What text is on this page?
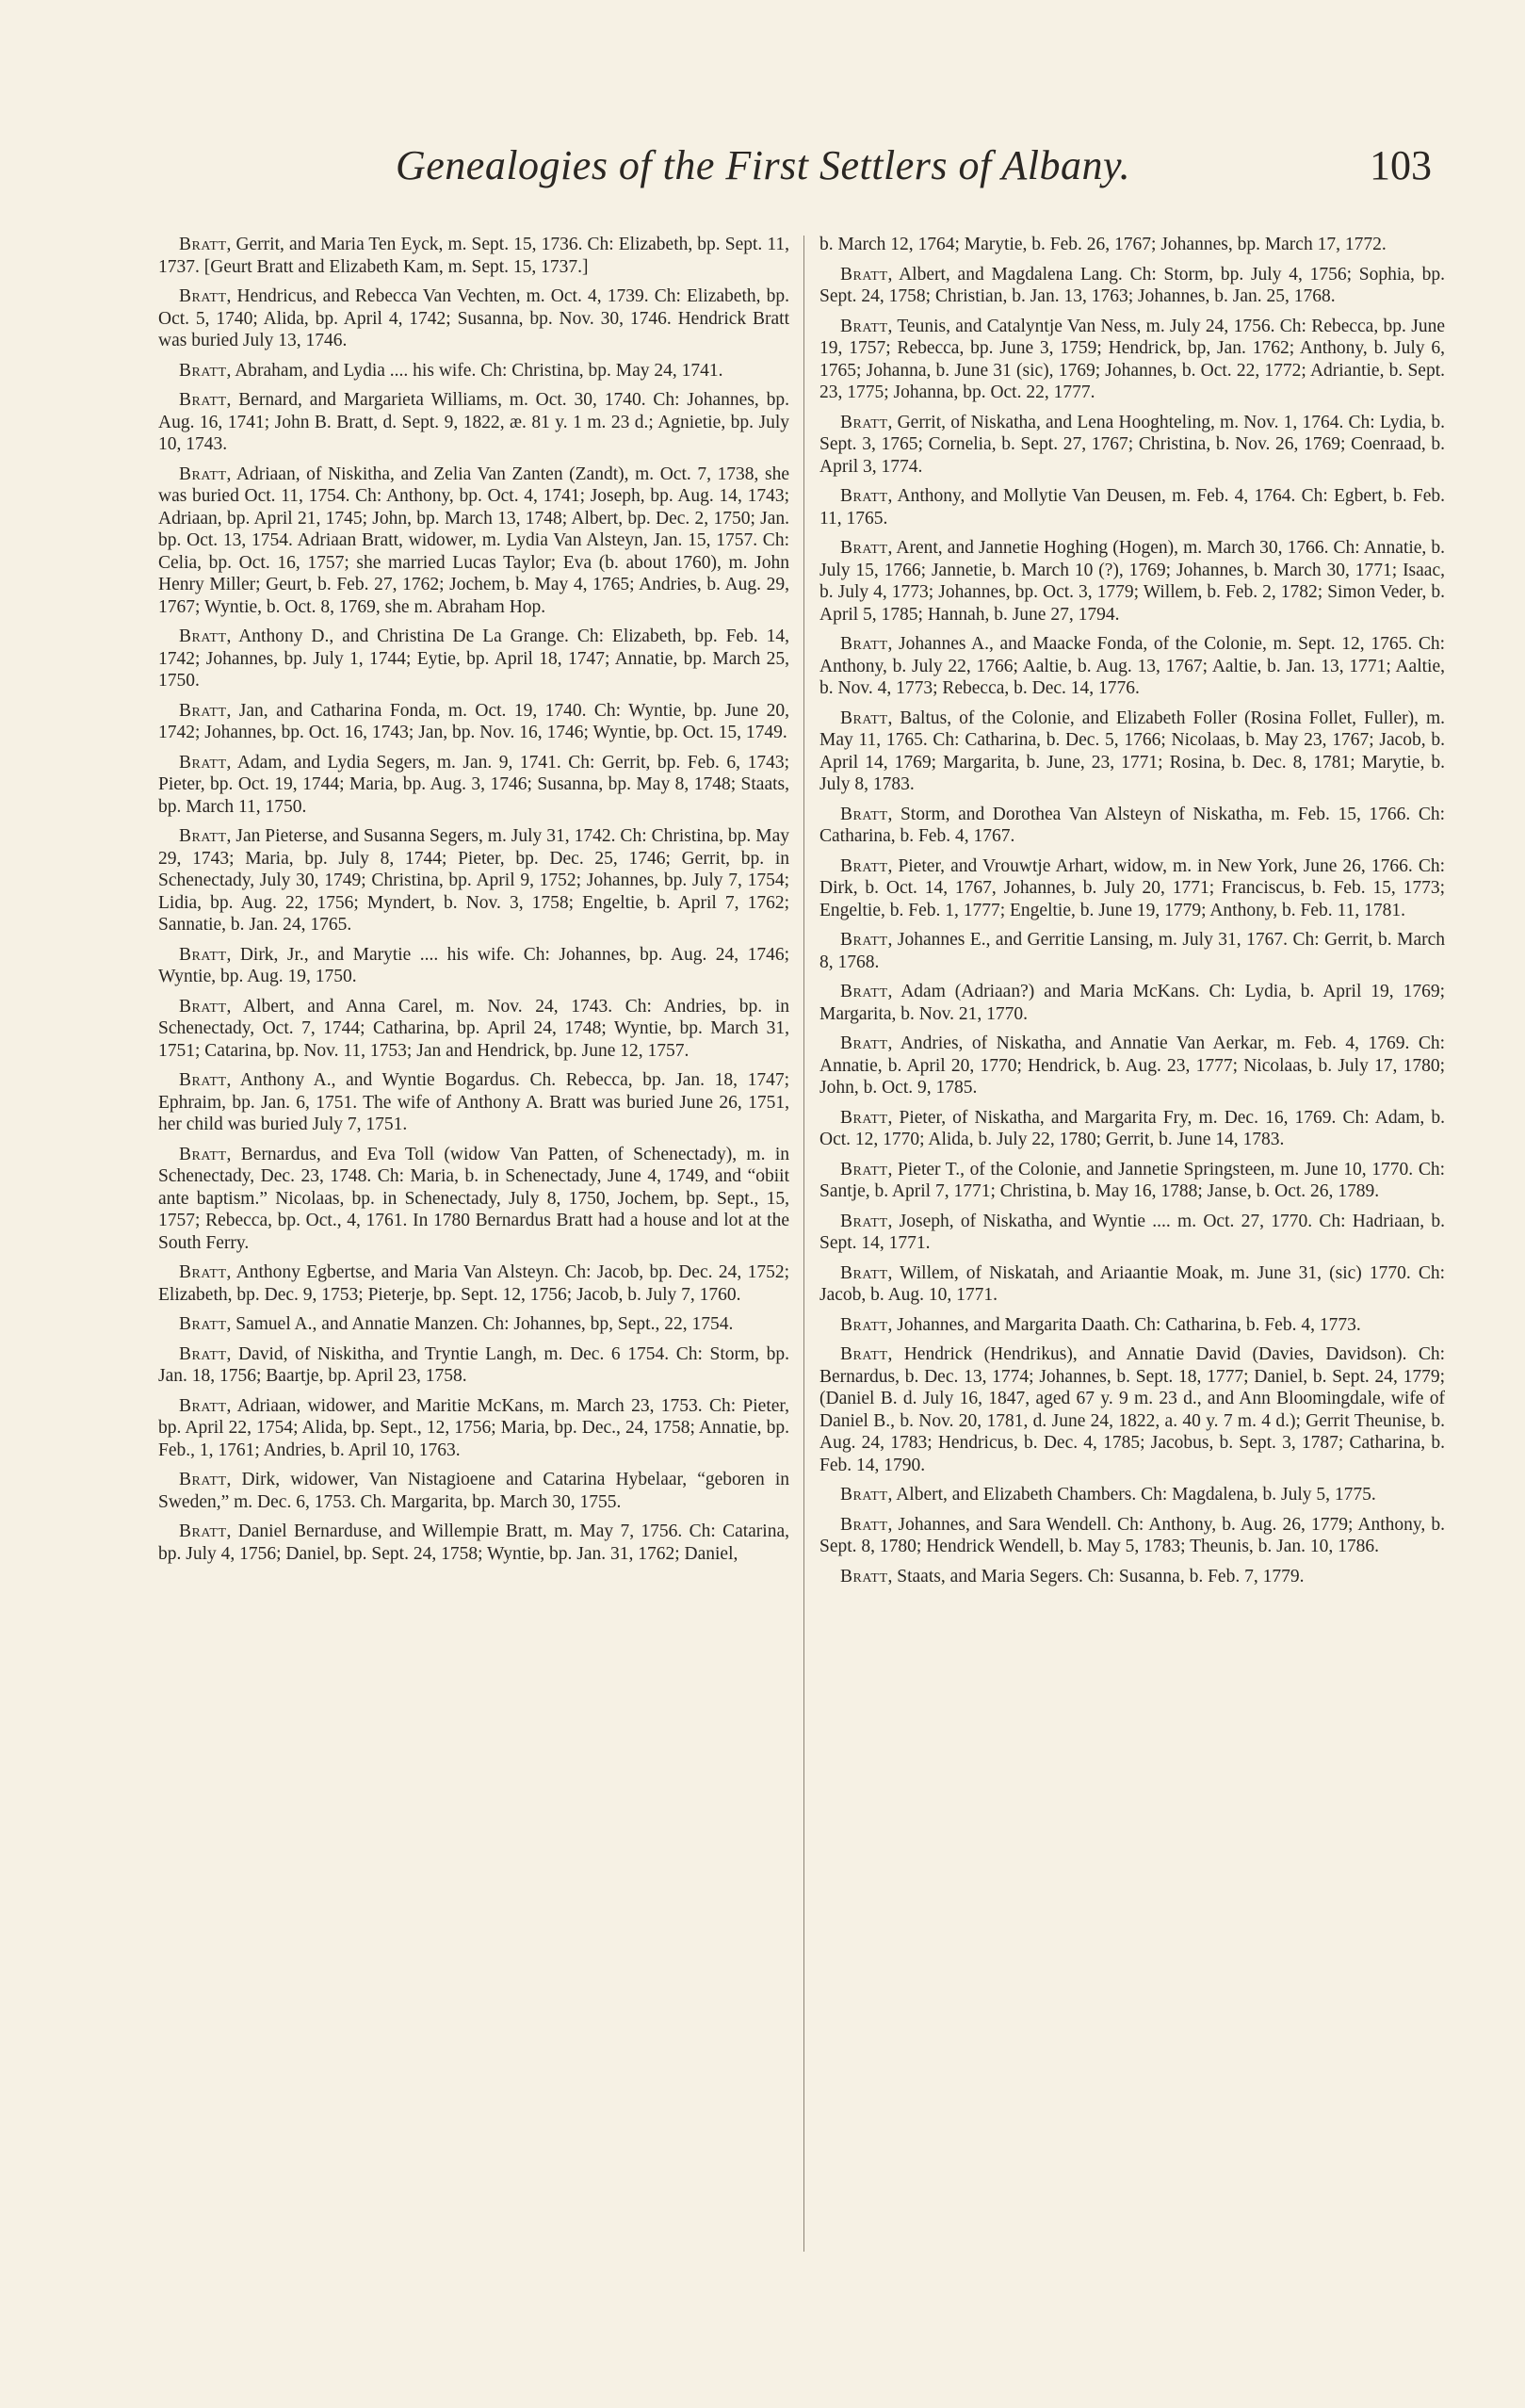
Genealogies of the First Settlers of Albany.	103

Bratt, Gerrit, and Maria Ten Eyck, m. Sept. 15, 1736. Ch: Elizabeth, bp. Sept. 11, 1737. [Geurt Bratt and Elizabeth Kam, m. Sept. 15, 1737.]

Bratt, Hendricus, and Rebecca Van Vechten, m. Oct. 4, 1739. Ch: Elizabeth, bp. Oct. 5, 1740; Alida, bp. April 4, 1742; Susanna, bp. Nov. 30, 1746. Hendrick Bratt was buried July 13, 1746.

Bratt, Abraham, and Lydia .... his wife. Ch: Christina, bp. May 24, 1741.

Bratt, Bernard, and Margarieta Williams, m. Oct. 30, 1740. Ch: Johannes, bp. Aug. 16, 1741; John B. Bratt, d. Sept. 9, 1822, æ. 81 y. 1 m. 23 d.; Agnietie, bp. July 10, 1743.

Bratt, Adriaan, of Niskitha, and Zelia Van Zanten (Zandt), m. Oct. 7, 1738, she was buried Oct. 11, 1754. Ch: Anthony, bp. Oct. 4, 1741; Joseph, bp. Aug. 14, 1743; Adriaan, bp. April 21, 1745; John, bp. March 13, 1748; Albert, bp. Dec. 2, 1750; Jan. bp. Oct. 13, 1754. Adriaan Bratt, widower, m. Lydia Van Alsteyn, Jan. 15, 1757. Ch: Celia, bp. Oct. 16, 1757; she married Lucas Taylor; Eva (b. about 1760), m. John Henry Miller; Geurt, b. Feb. 27, 1762; Jochem, b. May 4, 1765; Andries, b. Aug. 29, 1767; Wyntie, b. Oct. 8, 1769, she m. Abraham Hop.

Bratt, Anthony D., and Christina De La Grange. Ch: Elizabeth, bp. Feb. 14, 1742; Johannes, bp. July 1, 1744; Eytie, bp. April 18, 1747; Annatie, bp. March 25, 1750.

Bratt, Jan, and Catharina Fonda, m. Oct. 19, 1740. Ch: Wyntie, bp. June 20, 1742; Johannes, bp. Oct. 16, 1743; Jan, bp. Nov. 16, 1746; Wyntie, bp. Oct. 15, 1749.

Bratt, Adam, and Lydia Segers, m. Jan. 9, 1741. Ch: Gerrit, bp. Feb. 6, 1743; Pieter, bp. Oct. 19, 1744; Maria, bp. Aug. 3, 1746; Susanna, bp. May 8, 1748; Staats, bp. March 11, 1750.

Bratt, Jan Pieterse, and Susanna Segers, m. July 31, 1742. Ch: Christina, bp. May 29, 1743; Maria, bp. July 8, 1744; Pieter, bp. Dec. 25, 1746; Gerrit, bp. in Schenectady, July 30, 1749; Christina, bp. April 9, 1752; Johannes, bp. July 7, 1754; Lidia, bp. Aug. 22, 1756; Myndert, b. Nov. 3, 1758; Engeltie, b. April 7, 1762; Sannatie, b. Jan. 24, 1765.

Bratt, Dirk, Jr., and Marytie .... his wife. Ch: Johannes, bp. Aug. 24, 1746; Wyntie, bp. Aug. 19, 1750.

Bratt, Albert, and Anna Carel, m. Nov. 24, 1743. Ch: Andries, bp. in Schenectady, Oct. 7, 1744; Catharina, bp. April 24, 1748; Wyntie, bp. March 31, 1751; Catarina, bp. Nov. 11, 1753; Jan and Hendrick, bp. June 12, 1757.

Bratt, Anthony A., and Wyntie Bogardus. Ch. Rebecca, bp. Jan. 18, 1747; Ephraim, bp. Jan. 6, 1751. The wife of Anthony A. Bratt was buried June 26, 1751, her child was buried July 7, 1751.

Bratt, Bernardus, and Eva Toll (widow Van Patten, of Schenectady), m. in Schenectady, Dec. 23, 1748. Ch: Maria, b. in Schenectady, June 4, 1749, and “obiit ante baptism.” Nicolaas, bp. in Schenectady, July 8, 1750, Jochem, bp. Sept., 15, 1757; Rebecca, bp. Oct., 4, 1761. In 1780 Bernardus Bratt had a house and lot at the South Ferry.

Bratt, Anthony Egbertse, and Maria Van Alsteyn. Ch: Jacob, bp. Dec. 24, 1752; Elizabeth, bp. Dec. 9, 1753; Pieterje, bp. Sept. 12, 1756; Jacob, b. July 7, 1760.

Bratt, Samuel A., and Annatie Manzen. Ch: Johannes, bp, Sept., 22, 1754.

Bratt, David, of Niskitha, and Tryntie Langh, m. Dec. 6 1754. Ch: Storm, bp. Jan. 18, 1756; Baartje, bp. April 23, 1758.

Bratt, Adriaan, widower, and Maritie McKans, m. March 23, 1753. Ch: Pieter, bp. April 22, 1754; Alida, bp. Sept., 12, 1756; Maria, bp. Dec., 24, 1758; Annatie, bp. Feb., 1, 1761; Andries, b. April 10, 1763.

Bratt, Dirk, widower, Van Nistagioene and Catarina Hybelaar, “geboren in Sweden,” m. Dec. 6, 1753. Ch. Margarita, bp. March 30, 1755.

Bratt, Daniel Bernarduse, and Willempie Bratt, m. May 7, 1756. Ch: Catarina, bp. July 4, 1756; Daniel, bp. Sept. 24, 1758; Wyntie, bp. Jan. 31, 1762; Daniel,

b. March 12, 1764; Marytie, b. Feb. 26, 1767; Johannes, bp. March 17, 1772.

Bratt, Albert, and Magdalena Lang. Ch: Storm, bp. July 4, 1756; Sophia, bp. Sept. 24, 1758; Christian, b. Jan. 13, 1763; Johannes, b. Jan. 25, 1768.

Bratt, Teunis, and Catalyntje Van Ness, m. July 24, 1756. Ch: Rebecca, bp. June 19, 1757; Rebecca, bp. June 3, 1759; Hendrick, bp, Jan. 1762; Anthony, b. July 6, 1765; Johanna, b. June 31 (sic), 1769; Johannes, b. Oct. 22, 1772; Adriantie, b. Sept. 23, 1775; Johanna, bp. Oct. 22, 1777.

Bratt, Gerrit, of Niskatha, and Lena Hooghteling, m. Nov. 1, 1764. Ch: Lydia, b. Sept. 3, 1765; Cornelia, b. Sept. 27, 1767; Christina, b. Nov. 26, 1769; Coenraad, b. April 3, 1774.

Bratt, Anthony, and Mollytie Van Deusen, m. Feb. 4, 1764. Ch: Egbert, b. Feb. 11, 1765.

Bratt, Arent, and Jannetie Hoghing (Hogen), m. March 30, 1766. Ch: Annatie, b. July 15, 1766; Jannetie, b. March 10 (?), 1769; Johannes, b. March 30, 1771; Isaac, b. July 4, 1773; Johannes, bp. Oct. 3, 1779; Willem, b. Feb. 2, 1782; Simon Veder, b. April 5, 1785; Hannah, b. June 27, 1794.

Bratt, Johannes A., and Maacke Fonda, of the Colonie, m. Sept. 12, 1765. Ch: Anthony, b. July 22, 1766; Aaltie, b. Aug. 13, 1767; Aaltie, b. Jan. 13, 1771; Aaltie, b. Nov. 4, 1773; Rebecca, b. Dec. 14, 1776.

Bratt, Baltus, of the Colonie, and Elizabeth Foller (Rosina Follet, Fuller), m. May 11, 1765. Ch: Catharina, b. Dec. 5, 1766; Nicolaas, b. May 23, 1767; Jacob, b. April 14, 1769; Margarita, b. June, 23, 1771; Rosina, b. Dec. 8, 1781; Marytie, b. July 8, 1783.

Bratt, Storm, and Dorothea Van Alsteyn of Niskatha, m. Feb. 15, 1766. Ch: Catharina, b. Feb. 4, 1767.

Bratt, Pieter, and Vrouwtje Arhart, widow, m. in New York, June 26, 1766. Ch: Dirk, b. Oct. 14, 1767, Johannes, b. July 20, 1771; Franciscus, b. Feb. 15, 1773; Engeltie, b. Feb. 1, 1777; Engeltie, b. June 19, 1779; Anthony, b. Feb. 11, 1781.

Bratt, Johannes E., and Gerritie Lansing, m. July 31, 1767. Ch: Gerrit, b. March 8, 1768.

Bratt, Adam (Adriaan?) and Maria McKans. Ch: Lydia, b. April 19, 1769; Margarita, b. Nov. 21, 1770.

Bratt, Andries, of Niskatha, and Annatie Van Aerkar, m. Feb. 4, 1769. Ch: Annatie, b. April 20, 1770; Hendrick, b. Aug. 23, 1777; Nicolaas, b. July 17, 1780; John, b. Oct. 9, 1785.

Bratt, Pieter, of Niskatha, and Margarita Fry, m. Dec. 16, 1769. Ch: Adam, b. Oct. 12, 1770; Alida, b. July 22, 1780; Gerrit, b. June 14, 1783.

Bratt, Pieter T., of the Colonie, and Jannetie Springsteen, m. June 10, 1770. Ch: Santje, b. April 7, 1771; Christina, b. May 16, 1788; Janse, b. Oct. 26, 1789.

Bratt, Joseph, of Niskatha, and Wyntie .... m. Oct. 27, 1770. Ch: Hadriaan, b. Sept. 14, 1771.

Bratt, Willem, of Niskatah, and Ariaantie Moak, m. June 31, (sic) 1770. Ch: Jacob, b. Aug. 10, 1771.

Bratt, Johannes, and Margarita Daath. Ch: Catharina, b. Feb. 4, 1773.

Bratt, Hendrick (Hendrikus), and Annatie David (Davies, Davidson). Ch: Bernardus, b. Dec. 13, 1774; Johannes, b. Sept. 18, 1777; Daniel, b. Sept. 24, 1779; (Daniel B. d. July 16, 1847, aged 67 y. 9 m. 23 d., and Ann Bloomingdale, wife of Daniel B., b. Nov. 20, 1781, d. June 24, 1822, a. 40 y. 7 m. 4 d.); Gerrit Theunise, b. Aug. 24, 1783; Hendricus, b. Dec. 4, 1785; Jacobus, b. Sept. 3, 1787; Catharina, b. Feb. 14, 1790.

Bratt, Albert, and Elizabeth Chambers. Ch: Magdalena, b. July 5, 1775.

Bratt, Johannes, and Sara Wendell. Ch: Anthony, b. Aug. 26, 1779; Anthony, b. Sept. 8, 1780; Hendrick Wendell, b. May 5, 1783; Theunis, b. Jan. 10, 1786.

Bratt, Staats, and Maria Segers. Ch: Susanna, b. Feb. 7, 1779.
